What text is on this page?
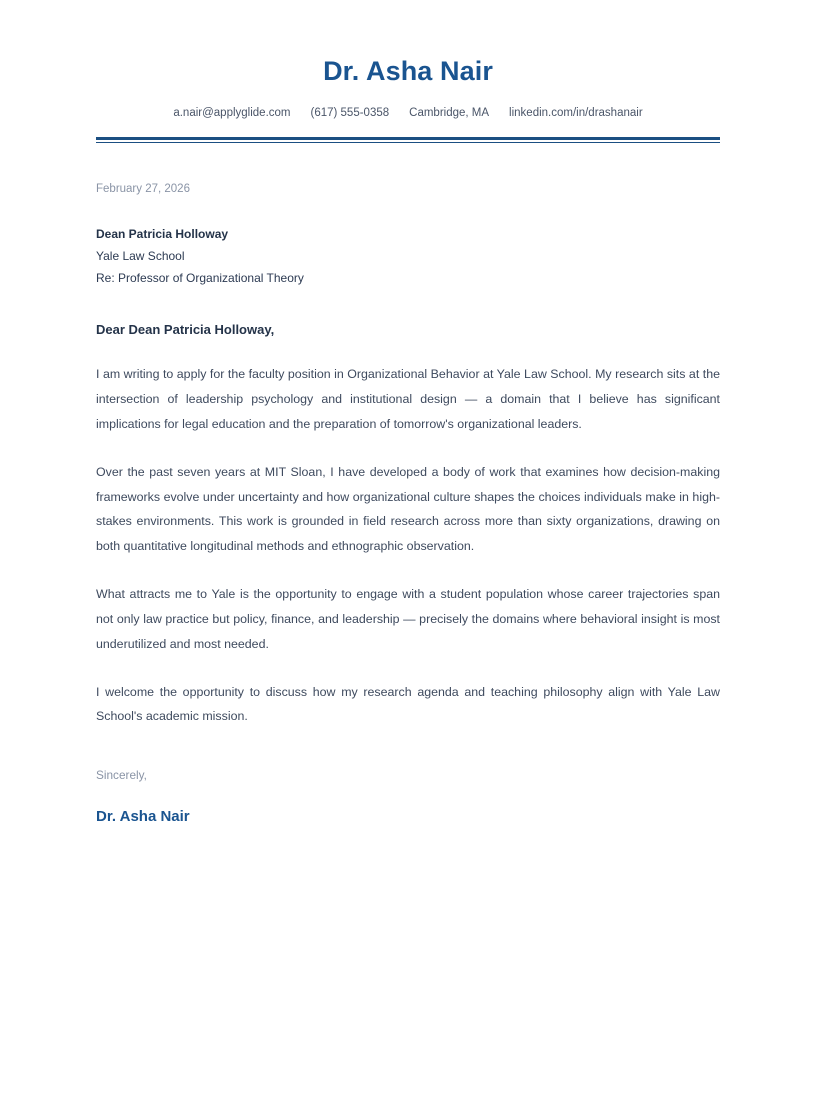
Dr. Asha Nair
a.nair@applyglide.com (617) 555-0358 Cambridge, MA linkedin.com/in/drashanair
February 27, 2026
Dean Patricia Holloway
Yale Law School
Re: Professor of Organizational Theory
Dear Dean Patricia Holloway,

I am writing to apply for the faculty position in Organizational Behavior at Yale Law School. My research sits at the intersection of leadership psychology and institutional design — a domain that I believe has significant implications for legal education and the preparation of tomorrow's organizational leaders.

Over the past seven years at MIT Sloan, I have developed a body of work that examines how decision-making frameworks evolve under uncertainty and how organizational culture shapes the choices individuals make in high-stakes environments. This work is grounded in field research across more than sixty organizations, drawing on both quantitative longitudinal methods and ethnographic observation.

What attracts me to Yale is the opportunity to engage with a student population whose career trajectories span not only law practice but policy, finance, and leadership — precisely the domains where behavioral insight is most underutilized and most needed.

I welcome the opportunity to discuss how my research agenda and teaching philosophy align with Yale Law School's academic mission.

Sincerely,
Dr. Asha Nair
